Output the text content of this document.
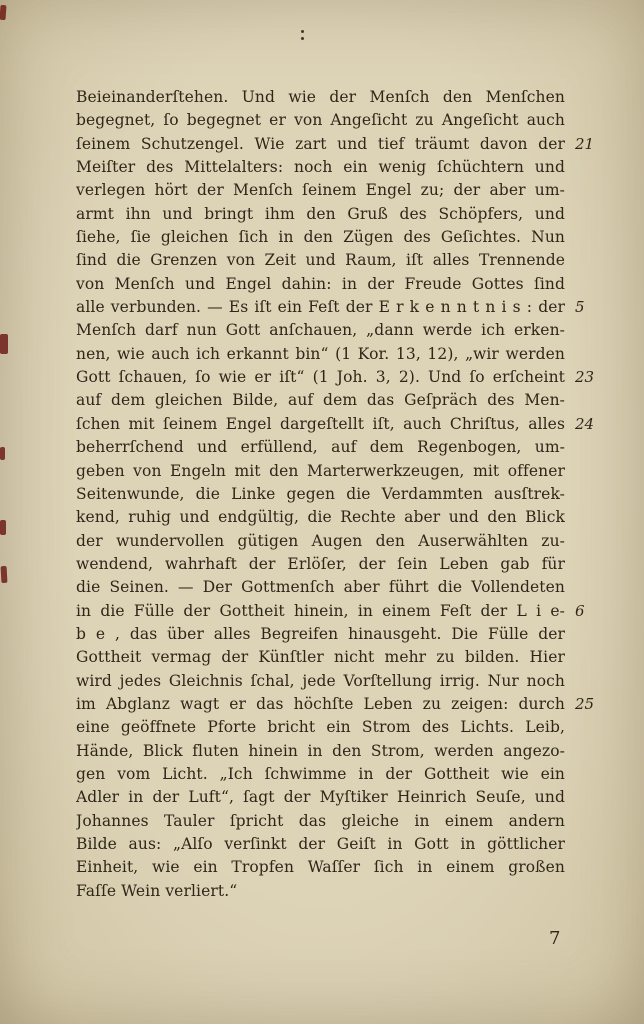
Beieinanderſtehen. Und wie der Menſch den Menſchen
begegnet, ſo begegnet er von Angeſicht zu Angeſicht auch
ſeinem Schutzengel. Wie zart und tief träumt davon der
Meiſter des Mittelalters: noch ein wenig ſchüchtern und
verlegen hört der Menſch ſeinem Engel zu; der aber um-
armt ihn und bringt ihm den Gruß des Schöpfers, und
ſiehe, ſie gleichen ſich in den Zügen des Geſichtes. Nun
ſind die Grenzen von Zeit und Raum, iſt alles Trennende
von Menſch und Engel dahin: in der Freude Gottes ſind
alle verbunden. — Es iſt ein Feſt der E r k e n n t n i s : der
Menſch darf nun Gott anſchauen, „dann werde ich erken-
nen, wie auch ich erkannt bin“ (1 Kor. 13, 12), „wir werden
Gott ſchauen, ſo wie er iſt“ (1 Joh. 3, 2). Und ſo erſcheint
auf dem gleichen Bilde, auf dem das Geſpräch des Men-
ſchen mit ſeinem Engel dargeſtellt iſt, auch Chriſtus, alles
beherrſchend und erfüllend, auf dem Regenbogen, um-
geben von Engeln mit den Marterwerkzeugen, mit offener
Seitenwunde, die Linke gegen die Verdammten ausſtrek-
kend, ruhig und endgültig, die Rechte aber und den Blick
der wundervollen gütigen Augen den Auserwählten zu-
wendend, wahrhaft der Erlöſer, der ſein Leben gab für
die Seinen. — Der Gottmenſch aber führt die Vollendeten
in die Fülle der Gottheit hinein, in einem Feſt der L i e-
b e , das über alles Begreifen hinausgeht. Die Fülle der
Gottheit vermag der Künſtler nicht mehr zu bilden. Hier
wird jedes Gleichnis ſchal, jede Vorſtellung irrig. Nur noch
im Abglanz wagt er das höchſte Leben zu zeigen: durch
eine geöffnete Pforte bricht ein Strom des Lichts. Leib,
Hände, Blick fluten hinein in den Strom, werden angezo-
gen vom Licht. „Ich ſchwimme in der Gottheit wie ein
Adler in der Luft“, ſagt der Myſtiker Heinrich Seuſe, und
Johannes Tauler ſpricht das gleiche in einem andern
Bilde aus: „Alſo verſinkt der Geiſt in Gott in göttlicher
Einheit, wie ein Tropfen Waſſer ſich in einem großen
Faſſe Wein verliert.“
21
5
23
24
6
25
7
